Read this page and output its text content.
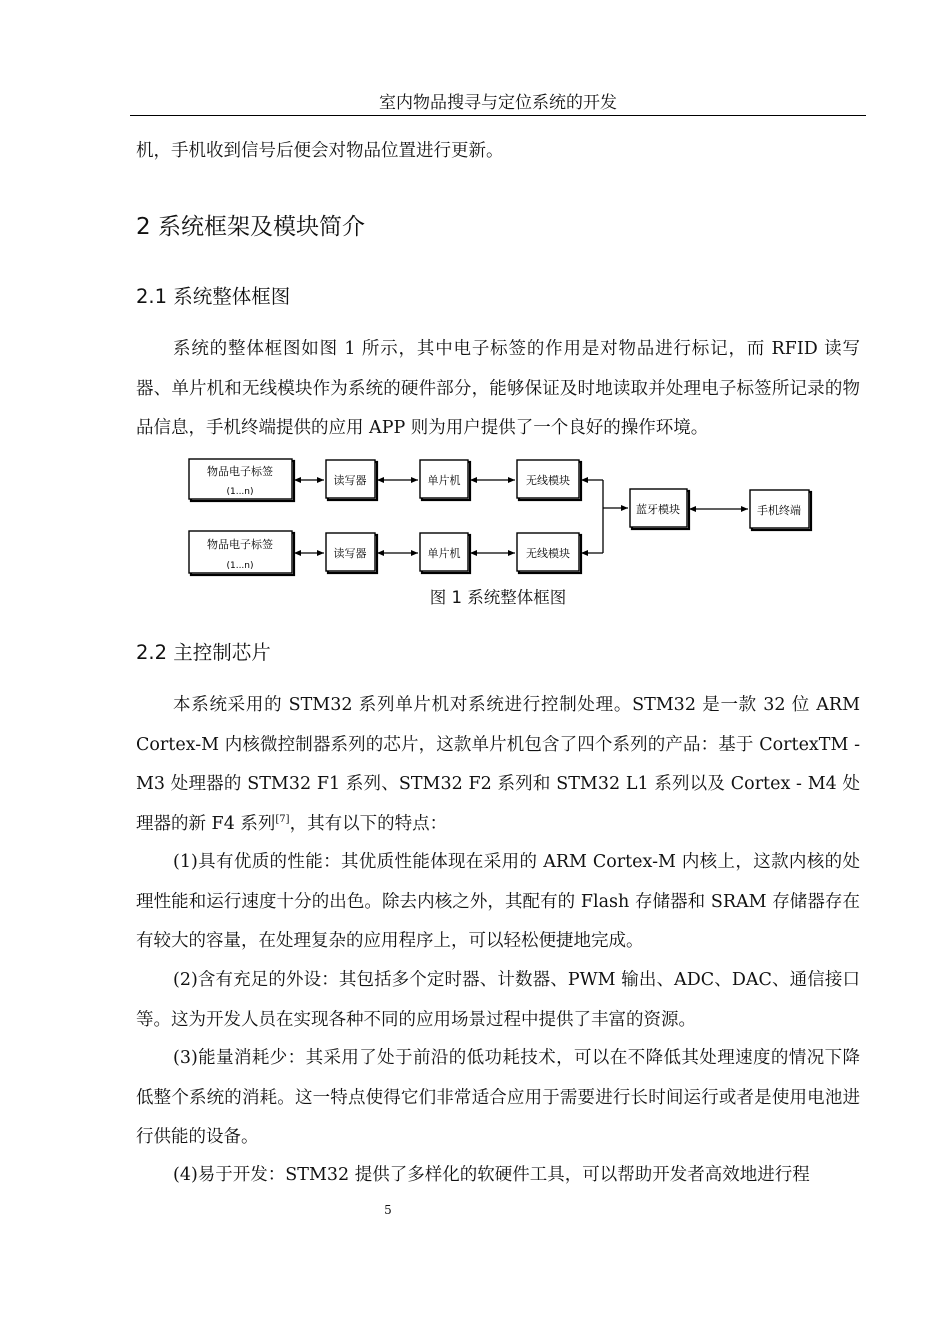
室内物品搜寻与定位系统的开发

机，手机收到信号后便会对物品位置进行更新。

2 系统框架及模块简介
2.1 系统整体框图

系统的整体框图如图 1 所示，其中电子标签的作用是对物品进行标记，而 RFID 读写器、单片机和无线模块作为系统的硬件部分，能够保证及时地读取并处理电子标签所记录的物品信息，手机终端提供的应用 APP 则为用户提供了一个良好的操作环境。

物品电子标签
(1...n)
读写器	单片机	无线模块
物品电子标签
(1...n)
读写器	单片机	无线模块
蓝牙模块	手机终端
图 1 系统整体框图
2.2 主控制芯片

本系统采用的 STM32 系列单片机对系统进行控制处理。STM32 是一款 32 位 ARM Cortex-M 内核微控制器系列的芯片，这款单片机包含了四个系列的产品：基于 CortexTM - M3 处理器的 STM32 F1 系列、STM32 F2 系列和 STM32 L1 系列以及 Cortex - M4 处理器的新 F4 系列[7]，其有以下的特点：

(1)具有优质的性能：其优质性能体现在采用的 ARM Cortex-M 内核上，这款内核的处理性能和运行速度十分的出色。除去内核之外，其配有的 Flash 存储器和 SRAM 存储器存在有较大的容量，在处理复杂的应用程序上，可以轻松便捷地完成。

(2)含有充足的外设：其包括多个定时器、计数器、PWM 输出、ADC、DAC、通信接口等。这为开发人员在实现各种不同的应用场景过程中提供了丰富的资源。

(3)能量消耗少：其采用了处于前沿的低功耗技术，可以在不降低其处理速度的情况下降低整个系统的消耗。这一特点使得它们非常适合应用于需要进行长时间运行或者是使用电池进行供能的设备。

(4)易于开发：STM32 提供了多样化的软硬件工具，可以帮助开发者高效地进行程

5
